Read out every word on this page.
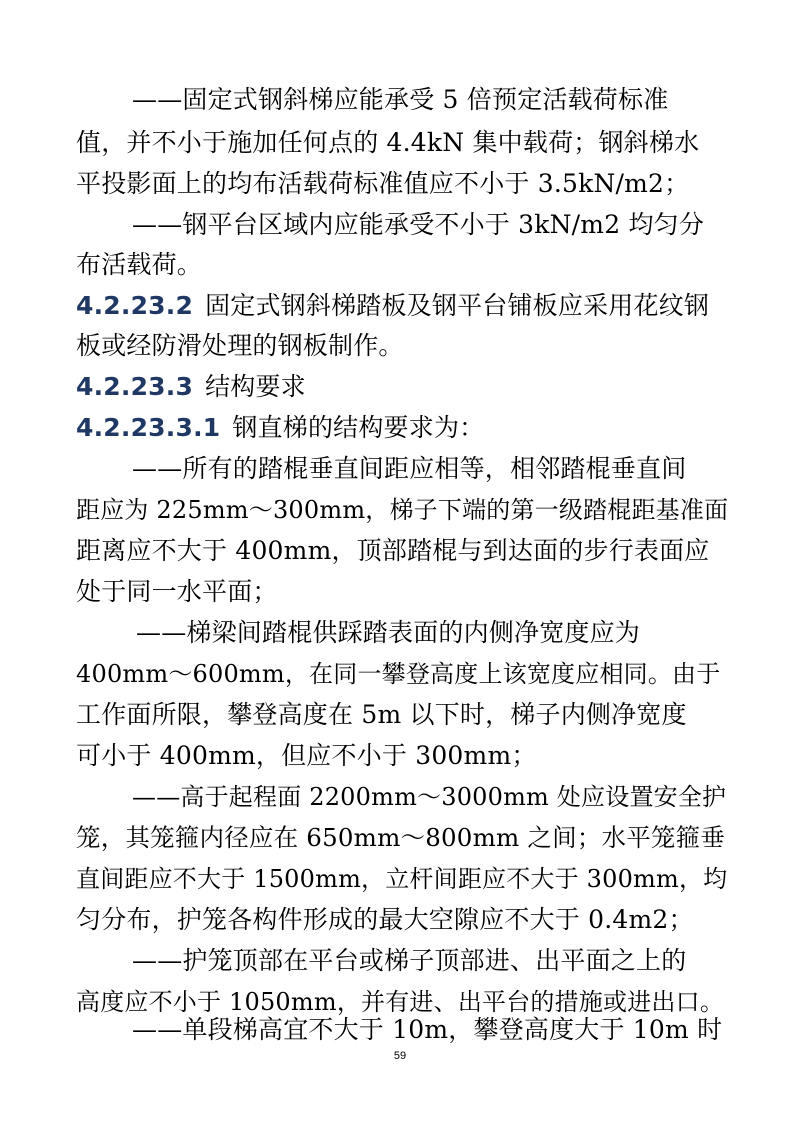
——固定式钢斜梯应能承受 5 倍预定活载荷标准
值，并不小于施加任何点的 4.4kN 集中载荷；钢斜梯水
平投影面上的均布活载荷标准值应不小于 3.5kN/m2；
——钢平台区域内应能承受不小于 3kN/m2 均匀分
布活载荷。
4.2.23.2 固定式钢斜梯踏板及钢平台铺板应采用花纹钢
板或经防滑处理的钢板制作。
4.2.23.3 结构要求
4.2.23.3.1 钢直梯的结构要求为：
——所有的踏棍垂直间距应相等，相邻踏棍垂直间
距应为 225mm～300mm，梯子下端的第一级踏棍距基准面
距离应不大于 400mm，顶部踏棍与到达面的步行表面应
处于同一水平面；
——梯梁间踏棍供踩踏表面的内侧净宽度应为
400mm～600mm，在同一攀登高度上该宽度应相同。由于
工作面所限，攀登高度在 5m 以下时，梯子内侧净宽度
可小于 400mm，但应不小于 300mm；
——高于起程面 2200mm～3000mm 处应设置安全护
笼，其笼箍内径应在 650mm～800mm 之间；水平笼箍垂
直间距应不大于 1500mm，立杆间距应不大于 300mm，均
匀分布，护笼各构件形成的最大空隙应不大于 0.4m2；
——护笼顶部在平台或梯子顶部进、出平面之上的
高度应不小于 1050mm，并有进、出平台的措施或进出口。
——单段梯高宜不大于 10m，攀登高度大于 10m 时
59
